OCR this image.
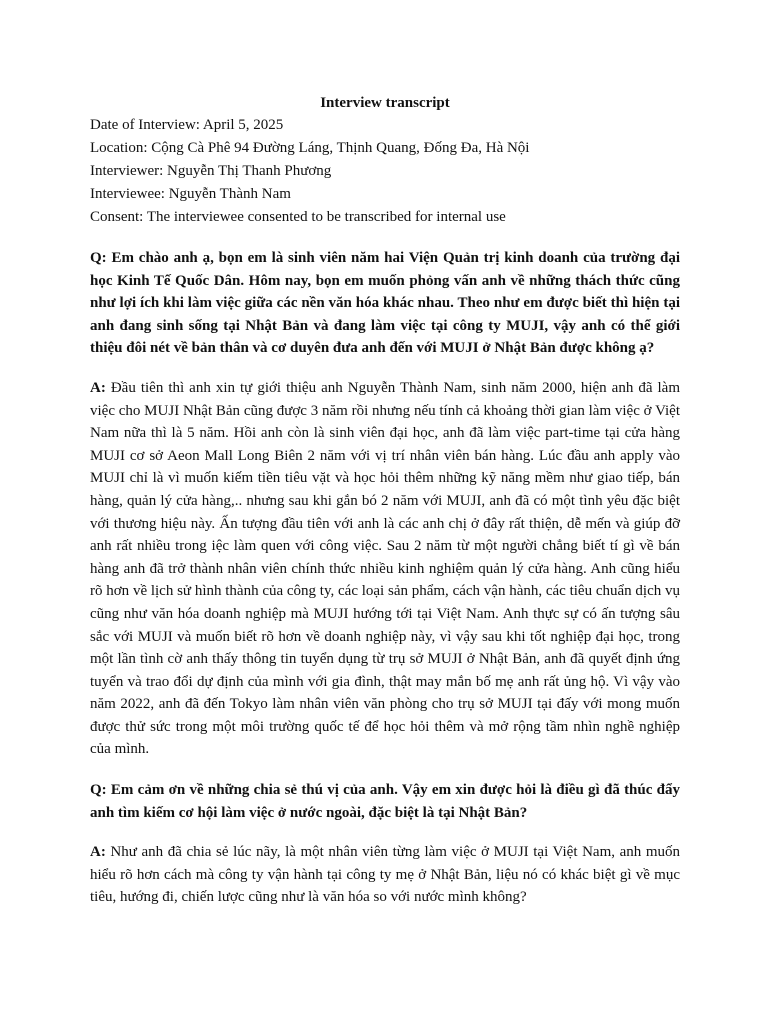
Interview transcript

Date of Interview: April 5, 2025

Location: Cộng Cà Phê 94 Đường Láng, Thịnh Quang, Đống Đa, Hà Nội

Interviewer: Nguyễn Thị Thanh Phương

Interviewee: Nguyễn Thành Nam

Consent: The interviewee consented to be transcribed for internal use

Q: Em chào anh ạ, bọn em là sinh viên năm hai Viện Quản trị kinh doanh của trường đại học Kinh Tế Quốc Dân. Hôm nay, bọn em muốn phỏng vấn anh về những thách thức cũng như lợi ích khi làm việc giữa các nền văn hóa khác nhau. Theo như em được biết thì hiện tại anh đang sinh sống tại Nhật Bản và đang làm việc tại công ty MUJI, vậy anh có thể giới thiệu đôi nét về bản thân và cơ duyên đưa anh đến với MUJI ở Nhật Bản được không ạ?

A: Đầu tiên thì anh xin tự giới thiệu anh Nguyễn Thành Nam, sinh năm 2000, hiện anh đã làm việc cho MUJI Nhật Bản cũng được 3 năm rồi nhưng nếu tính cả khoảng thời gian làm việc ở Việt Nam nữa thì là 5 năm. Hồi anh còn là sinh viên đại học, anh đã làm việc part-time tại cửa hàng MUJI cơ sở Aeon Mall Long Biên 2 năm với vị trí nhân viên bán hàng. Lúc đầu anh apply vào MUJI chỉ là vì muốn kiếm tiền tiêu vặt và học hỏi thêm những kỹ năng mềm như giao tiếp, bán hàng, quản lý cửa hàng,.. nhưng sau khi gắn bó 2 năm với MUJI, anh đã có một tình yêu đặc biệt với thương hiệu này. Ấn tượng đầu tiên với anh là các anh chị ở đây rất thiện, dễ mến và giúp đỡ anh rất nhiều trong iệc làm quen với công việc. Sau 2 năm từ một người chẳng biết tí gì về bán hàng anh đã trở thành nhân viên chính thức nhiều kinh nghiệm quản lý cửa hàng. Anh cũng hiểu rõ hơn về lịch sử hình thành của công ty, các loại sản phẩm, cách vận hành, các tiêu chuẩn dịch vụ cũng như văn hóa doanh nghiệp mà MUJI hướng tới tại Việt Nam. Anh thực sự có ấn tượng sâu sắc với MUJI và muốn biết rõ hơn về doanh nghiệp này, vì vậy sau khi tốt nghiệp đại học, trong một lần tình cờ anh thấy thông tin tuyển dụng từ trụ sở MUJI ở Nhật Bản, anh đã quyết định ứng tuyển và trao đổi dự định của mình với gia đình, thật may mắn bố mẹ anh rất ủng hộ. Vì vậy vào năm 2022, anh đã đến Tokyo làm nhân viên văn phòng cho trụ sở MUJI tại đấy với mong muốn được thử sức trong một môi trường quốc tế để học hỏi thêm và mở rộng tầm nhìn nghề nghiệp của mình.

Q: Em cảm ơn về những chia sẻ thú vị của anh. Vậy em xin được hỏi là điều gì đã thúc đẩy anh tìm kiếm cơ hội làm việc ở nước ngoài, đặc biệt là tại Nhật Bản?

A: Như anh đã chia sẻ lúc nãy, là một nhân viên từng làm việc ở MUJI tại Việt Nam, anh muốn hiểu rõ hơn cách mà công ty vận hành tại công ty mẹ ở Nhật Bản, liệu nó có khác biệt gì về mục tiêu, hướng đi, chiến lược cũng như là văn hóa so với nước mình không?
